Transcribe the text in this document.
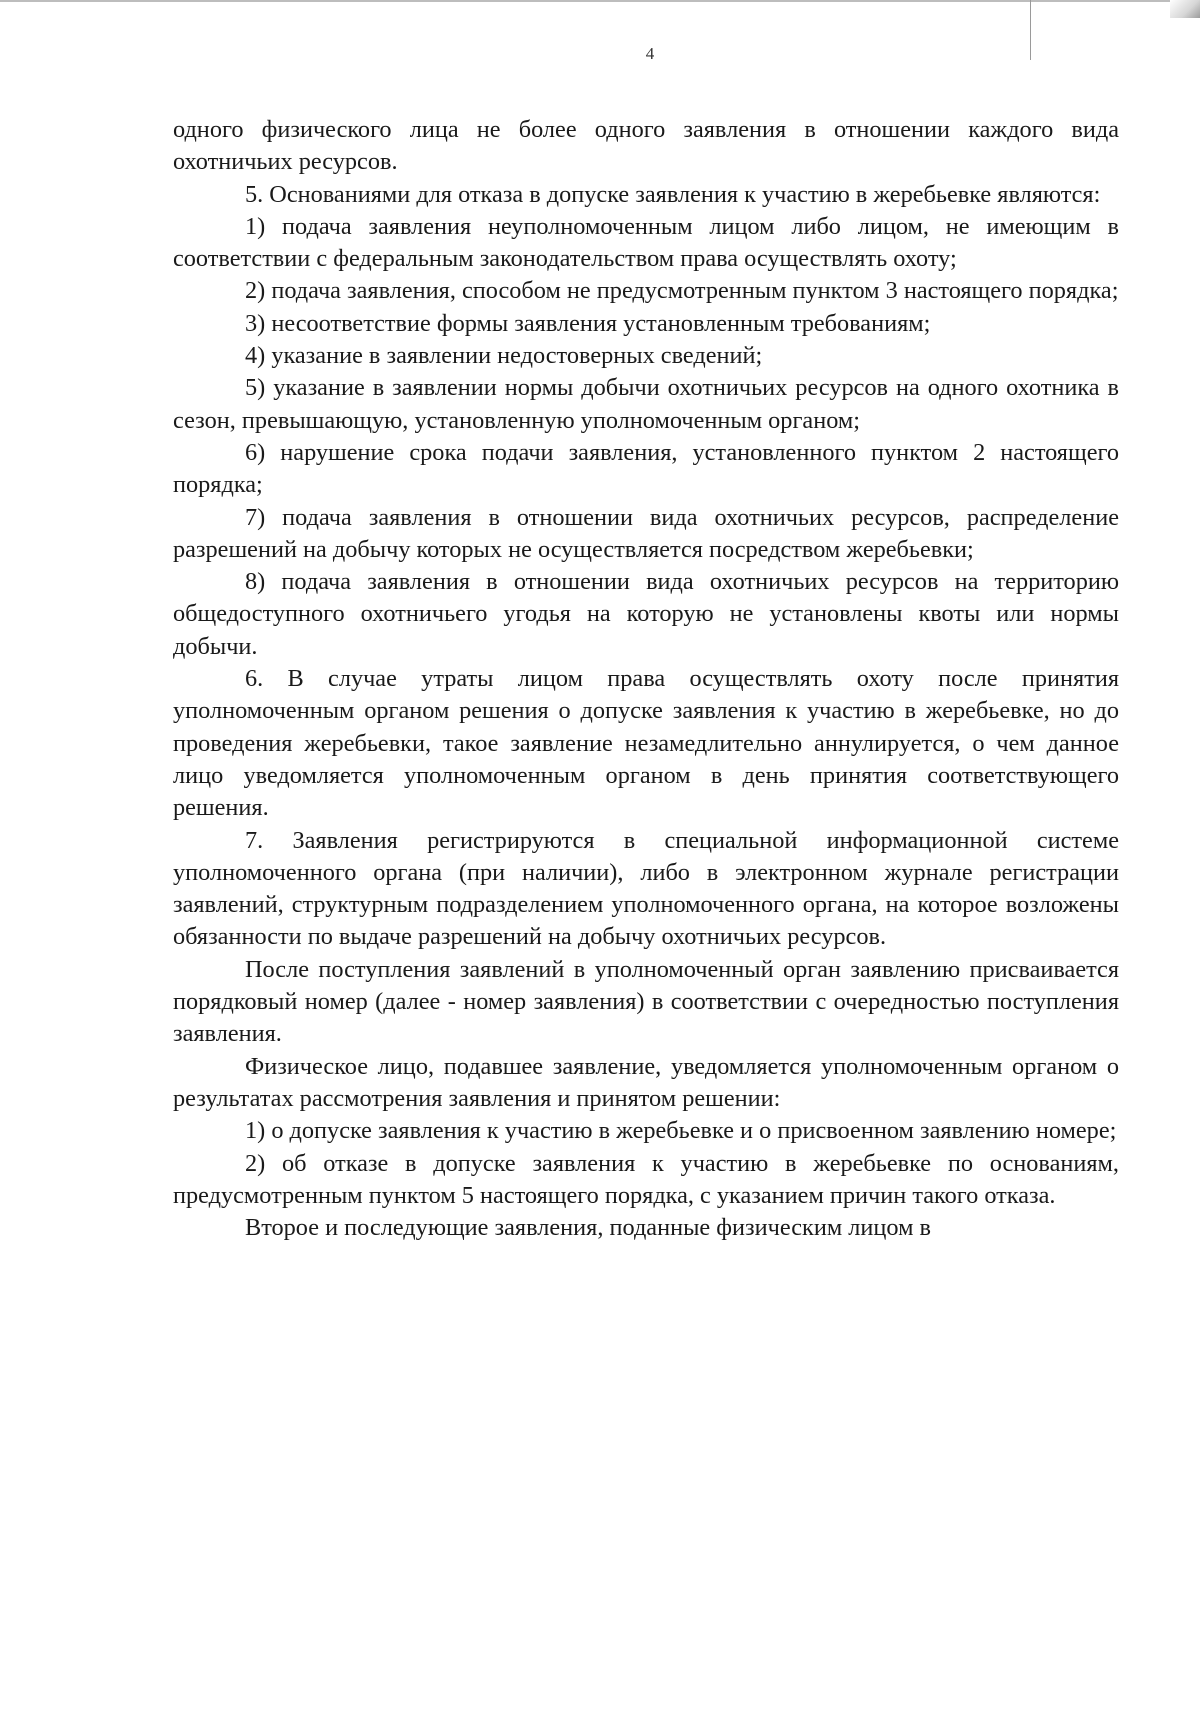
4

одного физического лица не более одного заявления в отношении каждого вида охотничьих ресурсов.

5. Основаниями для отказа в допуске заявления к участию в жеребьевке являются:

1) подача заявления неуполномоченным лицом либо лицом, не имеющим в соответствии с федеральным законодательством права осуществлять охоту;

2) подача заявления, способом не предусмотренным пунктом 3 настоящего порядка;

3) несоответствие формы заявления установленным требованиям;

4) указание в заявлении недостоверных сведений;

5) указание в заявлении нормы добычи охотничьих ресурсов на одного охотника в сезон, превышающую, установленную уполномоченным органом;

6) нарушение срока подачи заявления, установленного пунктом 2 настоящего порядка;

7) подача заявления в отношении вида охотничьих ресурсов, распределение разрешений на добычу которых не осуществляется посредством жеребьевки;

8) подача заявления в отношении вида охотничьих ресурсов на территорию общедоступного охотничьего угодья на которую не установлены квоты или нормы добычи.

6. В случае утраты лицом права осуществлять охоту после принятия уполномоченным органом решения о допуске заявления к участию в жеребьевке, но до проведения жеребьевки, такое заявление незамедлительно аннулируется, о чем данное лицо уведомляется уполномоченным органом в день принятия соответствующего решения.

7. Заявления регистрируются в специальной информационной системе уполномоченного органа (при наличии), либо в электронном журнале регистрации заявлений, структурным подразделением уполномоченного органа, на которое возложены обязанности по выдаче разрешений на добычу охотничьих ресурсов.

После поступления заявлений в уполномоченный орган заявлению присваивается порядковый номер (далее - номер заявления) в соответствии с очередностью поступления заявления.

Физическое лицо, подавшее заявление, уведомляется уполномоченным органом о результатах рассмотрения заявления и принятом решении:

1) о допуске заявления к участию в жеребьевке и о присвоенном заявлению номере;

2) об отказе в допуске заявления к участию в жеребьевке по основаниям, предусмотренным пунктом 5 настоящего порядка, с указанием причин такого отказа.

Второе и последующие заявления, поданные физическим лицом в
